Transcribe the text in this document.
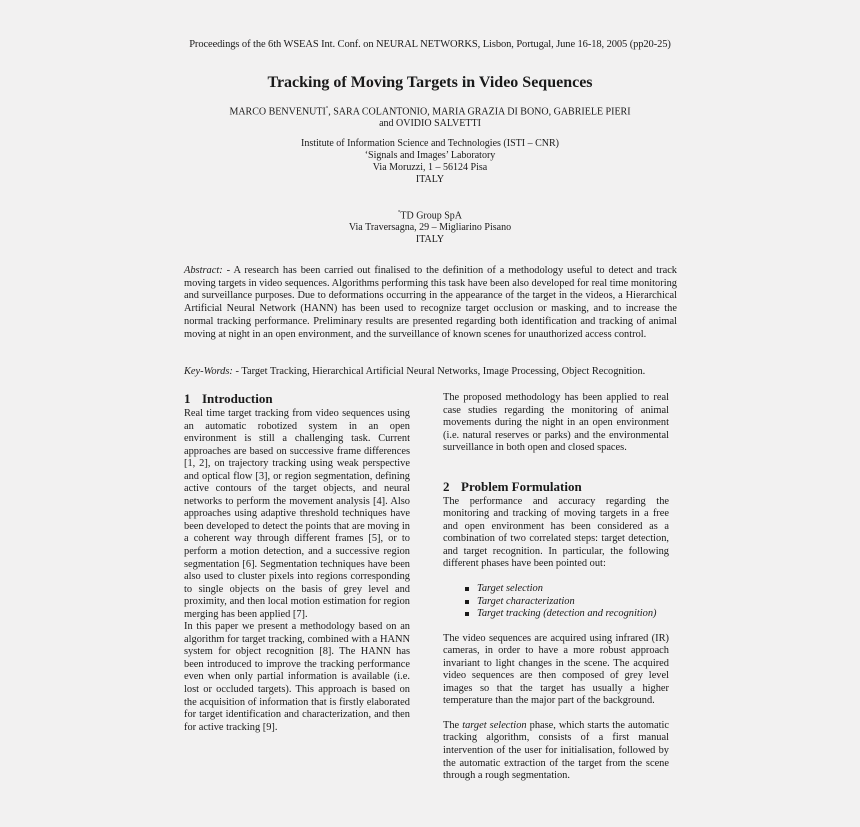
Proceedings of the 6th WSEAS Int. Conf. on NEURAL NETWORKS, Lisbon, Portugal, June 16-18, 2005 (pp20-25)
Tracking of Moving Targets in Video Sequences
MARCO BENVENUTI°, SARA COLANTONIO, MARIA GRAZIA DI BONO, GABRIELE PIERI
and OVIDIO SALVETTI
Institute of Information Science and Technologies (ISTI – CNR)
‘Signals and Images’ Laboratory
Via Moruzzi, 1 – 56124 Pisa
ITALY
°TD Group SpA
Via Traversagna, 29 – Migliarino Pisano
ITALY
Abstract: - A research has been carried out finalised to the definition of a methodology useful to detect and track moving targets in video sequences. Algorithms performing this task have been also developed for real time monitoring and surveillance purposes. Due to deformations occurring in the appearance of the target in the videos, a Hierarchical Artificial Neural Network (HANN) has been used to recognize target occlusion or masking, and to increase the normal tracking performance. Preliminary results are presented regarding both identification and tracking of animal moving at night in an open environment, and the surveillance of known scenes for unauthorized access control.
Key-Words: - Target Tracking, Hierarchical Artificial Neural Networks, Image Processing, Object Recognition.
1 Introduction

Real time target tracking from video sequences using an automatic robotized system in an open environment is still a challenging task. Current approaches are based on successive frame differences [1, 2], on trajectory tracking using weak perspective and optical flow [3], or region segmentation, defining active contours of the target objects, and neural networks to perform the movement analysis [4]. Also approaches using adaptive threshold techniques have been developed to detect the points that are moving in a coherent way through different frames [5], or to perform a motion detection, and a successive region segmentation [6]. Segmentation techniques have been also used to cluster pixels into regions corresponding to single objects on the basis of grey level and proximity, and then local motion estimation for region merging has been applied [7].

In this paper we present a methodology based on an algorithm for target tracking, combined with a HANN system for object recognition [8]. The HANN has been introduced to improve the tracking performance even when only partial information is available (i.e. lost or occluded targets). This approach is based on the acquisition of information that is firstly elaborated for target identification and characterization, and then for active tracking [9].

The proposed methodology has been applied to real case studies regarding the monitoring of animal movements during the night in an open environment (i.e. natural reserves or parks) and the environmental surveillance in both open and closed spaces.

2 Problem Formulation

The performance and accuracy regarding the monitoring and tracking of moving targets in a free and open environment has been considered as a combination of two correlated steps: target detection, and target recognition. In particular, the following different phases have been pointed out:

Target selection
Target characterization
Target tracking (detection and recognition)

The video sequences are acquired using infrared (IR) cameras, in order to have a more robust approach invariant to light changes in the scene. The acquired video sequences are then composed of grey level images so that the target has usually a higher temperature than the major part of the background.

The target selection phase, which starts the automatic tracking algorithm, consists of a first manual intervention of the user for initialisation, followed by the automatic extraction of the target from the scene through a rough segmentation.
